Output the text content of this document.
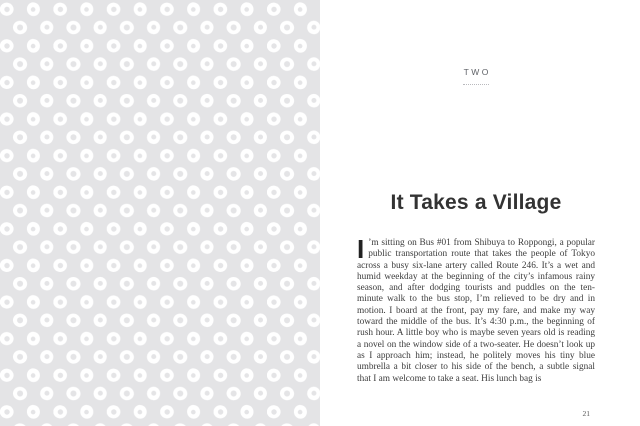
TWO
It Takes a Village

I ’m sitting on Bus #01 from Shibuya to Roppongi, a popular public transportation route that takes the people of Tokyo across a busy six-lane artery called Route 246. It’s a wet and humid weekday at the beginning of the city’s infamous rainy season, and after dodging tourists and puddles on the ten-minute walk to the bus stop, I’m relieved to be dry and in motion. I board at the front, pay my fare, and make my way toward the middle of the bus. It’s 4:30 p.m., the beginning of rush hour. A little boy who is maybe seven years old is reading a novel on the window side of a two-seater. He doesn’t look up as I approach him; instead, he politely moves his tiny blue umbrella a bit closer to his side of the bench, a subtle signal that I am welcome to take a seat. His lunch bag is

21
